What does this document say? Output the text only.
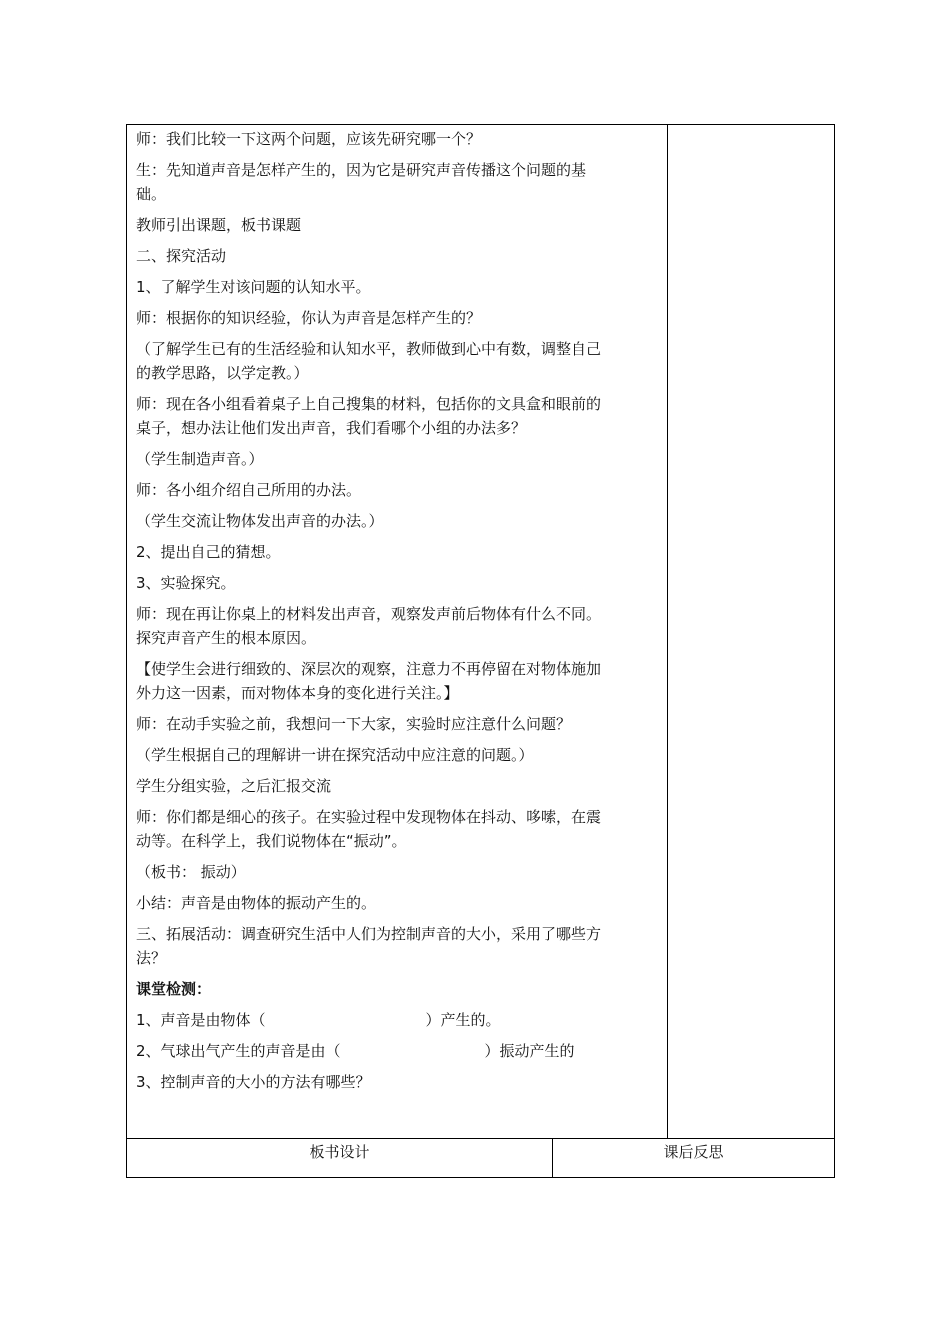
师：我们比较一下这两个问题，应该先研究哪一个？
生：先知道声音是怎样产生的，因为它是研究声音传播这个问题的基
础。
教师引出课题，板书课题
二、探究活动
1、了解学生对该问题的认知水平。
师：根据你的知识经验，你认为声音是怎样产生的？
（了解学生已有的生活经验和认知水平，教师做到心中有数，调整自己
的教学思路，以学定教。）
师：现在各小组看着桌子上自己搜集的材料，包括你的文具盒和眼前的
桌子，想办法让他们发出声音，我们看哪个小组的办法多？
（学生制造声音。）
师：各小组介绍自己所用的办法。
（学生交流让物体发出声音的办法。）
2、提出自己的猜想。
3、实验探究。
师：现在再让你桌上的材料发出声音，观察发声前后物体有什么不同。
探究声音产生的根本原因。
【使学生会进行细致的、深层次的观察，注意力不再停留在对物体施加
外力这一因素，而对物体本身的变化进行关注。】
师：在动手实验之前，我想问一下大家，实验时应注意什么问题？
（学生根据自己的理解讲一讲在探究活动中应注意的问题。）
学生分组实验，之后汇报交流
师：你们都是细心的孩子。在实验过程中发现物体在抖动、哆嗦，在震
动等。在科学上，我们说物体在“振动”。
（板书： 振动）
小结：声音是由物体的振动产生的。
三、拓展活动：调查研究生活中人们为控制声音的大小，采用了哪些方
法？
课堂检测：
1、声音是由物体（	）产生的。
2、气球出气产生的声音是由（	）振动产生的
3、控制声音的大小的方法有哪些？
板书设计	课后反思
